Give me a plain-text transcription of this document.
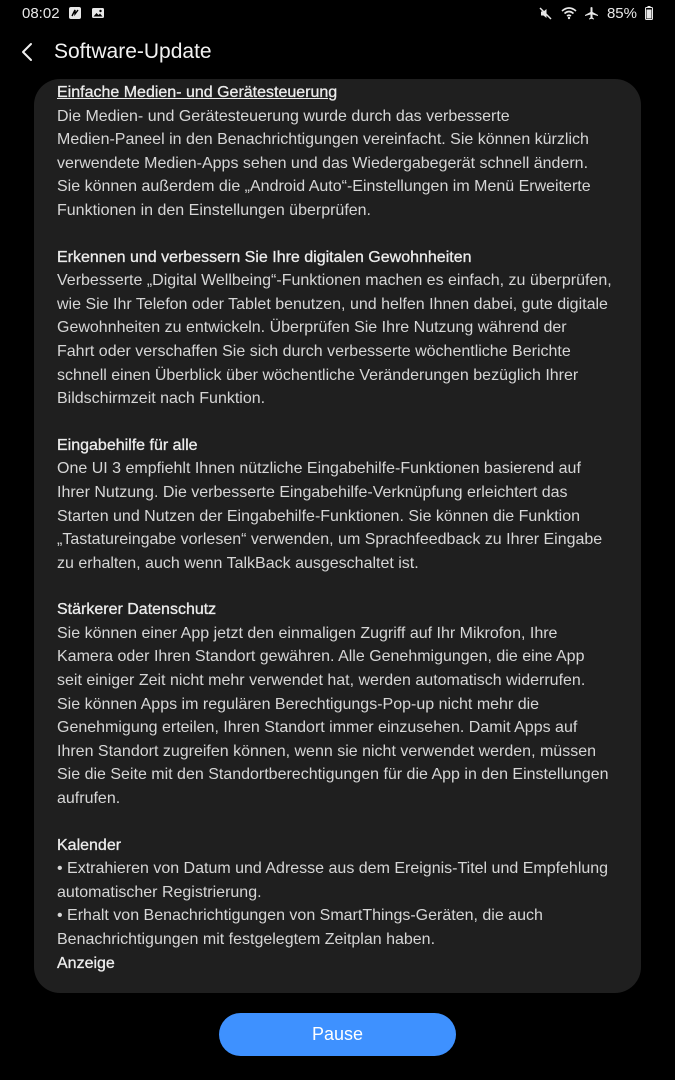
08:02	85%
Software-Update
Einfache Medien- und Gerätesteuerung
Die Medien- und Gerätesteuerung wurde durch das verbesserte
Medien-Paneel in den Benachrichtigungen vereinfacht. Sie können kürzlich
verwendete Medien-Apps sehen und das Wiedergabegerät schnell ändern.
Sie können außerdem die „Android Auto“-Einstellungen im Menü Erweiterte
Funktionen in den Einstellungen überprüfen.
Erkennen und verbessern Sie Ihre digitalen Gewohnheiten
Verbesserte „Digital Wellbeing“-Funktionen machen es einfach, zu überprüfen,
wie Sie Ihr Telefon oder Tablet benutzen, und helfen Ihnen dabei, gute digitale
Gewohnheiten zu entwickeln. Überprüfen Sie Ihre Nutzung während der
Fahrt oder verschaffen Sie sich durch verbesserte wöchentliche Berichte
schnell einen Überblick über wöchentliche Veränderungen bezüglich Ihrer
Bildschirmzeit nach Funktion.
Eingabehilfe für alle
One UI 3 empfiehlt Ihnen nützliche Eingabehilfe-Funktionen basierend auf
Ihrer Nutzung. Die verbesserte Eingabehilfe-Verknüpfung erleichtert das
Starten und Nutzen der Eingabehilfe-Funktionen. Sie können die Funktion
„Tastatureingabe vorlesen“ verwenden, um Sprachfeedback zu Ihrer Eingabe
zu erhalten, auch wenn TalkBack ausgeschaltet ist.
Stärkerer Datenschutz
Sie können einer App jetzt den einmaligen Zugriff auf Ihr Mikrofon, Ihre
Kamera oder Ihren Standort gewähren. Alle Genehmigungen, die eine App
seit einiger Zeit nicht mehr verwendet hat, werden automatisch widerrufen.
Sie können Apps im regulären Berechtigungs-Pop-up nicht mehr die
Genehmigung erteilen, Ihren Standort immer einzusehen. Damit Apps auf
Ihren Standort zugreifen können, wenn sie nicht verwendet werden, müssen
Sie die Seite mit den Standortberechtigungen für die App in den Einstellungen
aufrufen.
Kalender
• Extrahieren von Datum und Adresse aus dem Ereignis-Titel und Empfehlung
automatischer Registrierung.
• Erhalt von Benachrichtigungen von SmartThings-Geräten, die auch
Benachrichtigungen mit festgelegtem Zeitplan haben.
Anzeige
Pause
